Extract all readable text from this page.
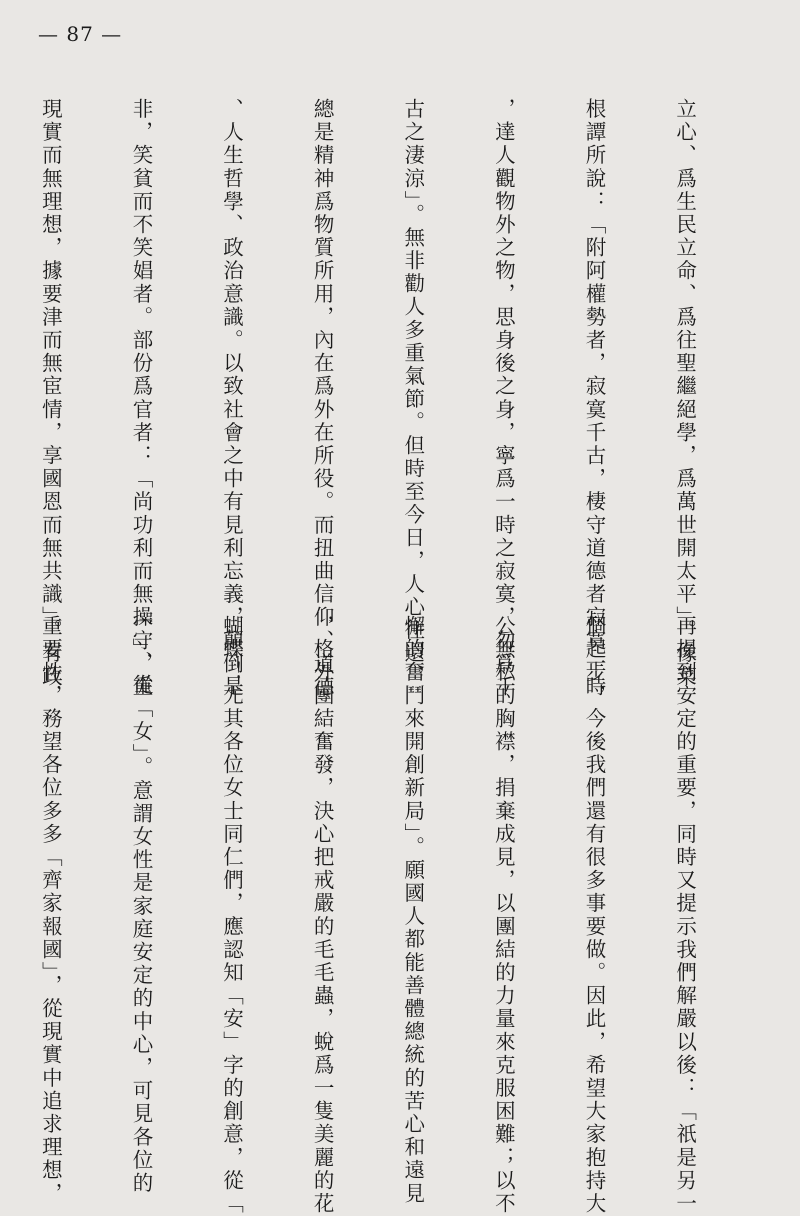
— 87 —

立心、爲生民立命、爲往聖繼絕學，爲萬世開太平」。像菜

根譚所說：「附阿權勢者，寂寞千古，棲守道德者寂寞一時

，達人觀物外之物，思身後之身，寧爲一時之寂寞，勿爲千

古之淒涼」。無非勸人多重氣節。但時至今日，人心往還，

總是精神爲物質所用，內在爲外在所役。而扭曲信仰、道德

、人生哲學、政治意識。以致社會之中有見利忘義，顛倒是

非，笑貧而不笑娼者。部份爲官者：「尚功利而無操守，重

現實而無理想，據要津而無宦情，享國恩而無共識」。有政

再提到安定的重要，同時又提示我們解嚴以後：「祇是另一

個起步，今後我們還有很多事要做。因此，希望大家抱持大

公無私的胸襟，捐棄成見，以團結的力量來克服困難；以不

懈的奮鬥來開創新局」。願國人都能善體總統的苦心和遠見

，格外團結奮發，決心把戒嚴的毛毛蟲，蛻爲一隻美麗的花

蝴蝶！尤其各位女士同仁們，應認知「安」字的創意，從「

宀」、從「女」。意謂女性是家庭安定的中心，可見各位的

重要性，務望各位多多「齊家報國」，從現實中追求理想，
